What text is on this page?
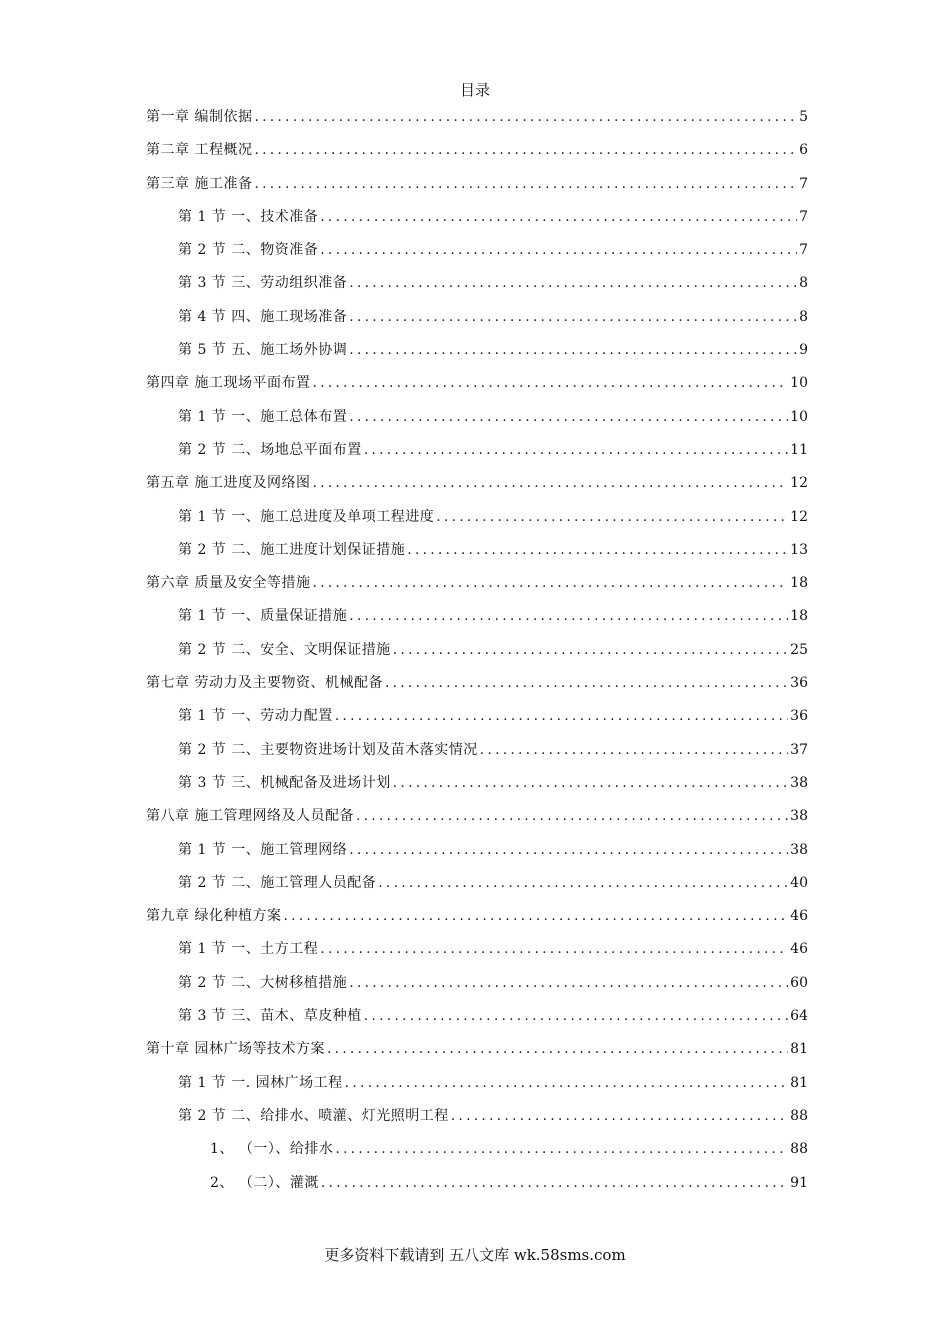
目录
第一章 编制依据 .....	5
第二章 工程概况 .....	6
第三章 施工准备 .....	7
第 1 节 一、技术准备 .....	7
第 2 节 二、物资准备 .....	7
第 3 节 三、劳动组织准备 .....	8
第 4 节 四、施工现场准备 .....	8
第 5 节 五、施工场外协调 .....	9
第四章 施工现场平面布置 .....	10
第 1 节 一、施工总体布置 .....	10
第 2 节 二、场地总平面布置 .....	11
第五章 施工进度及网络图 .....	12
第 1 节 一、施工总进度及单项工程进度 .....	12
第 2 节 二、施工进度计划保证措施 .....	13
第六章 质量及安全等措施 .....	18
第 1 节 一、质量保证措施 .....	18
第 2 节 二、安全、文明保证措施 .....	25
第七章 劳动力及主要物资、机械配备 .....	36
第 1 节 一、劳动力配置 .....	36
第 2 节 二、主要物资进场计划及苗木落实情况 .....	37
第 3 节 三、机械配备及进场计划 .....	38
第八章 施工管理网络及人员配备 .....	38
第 1 节 一、施工管理网络 .....	38
第 2 节 二、施工管理人员配备 .....	40
第九章 绿化种植方案 .....	46
第 1 节 一、土方工程 .....	46
第 2 节 二、大树移植措施 .....	60
第 3 节 三、苗木、草皮种植 .....	64
第十章 园林广场等技术方案 .....	81
第 1 节 一. 园林广场工程 .....	81
第 2 节 二、给排水、喷灌、灯光照明工程 .....	88
1、 （一）、给排水 .....	88
2、 （二）、灌溉 .....	91
更多资料下载请到 五八文库 wk.58sms.com
